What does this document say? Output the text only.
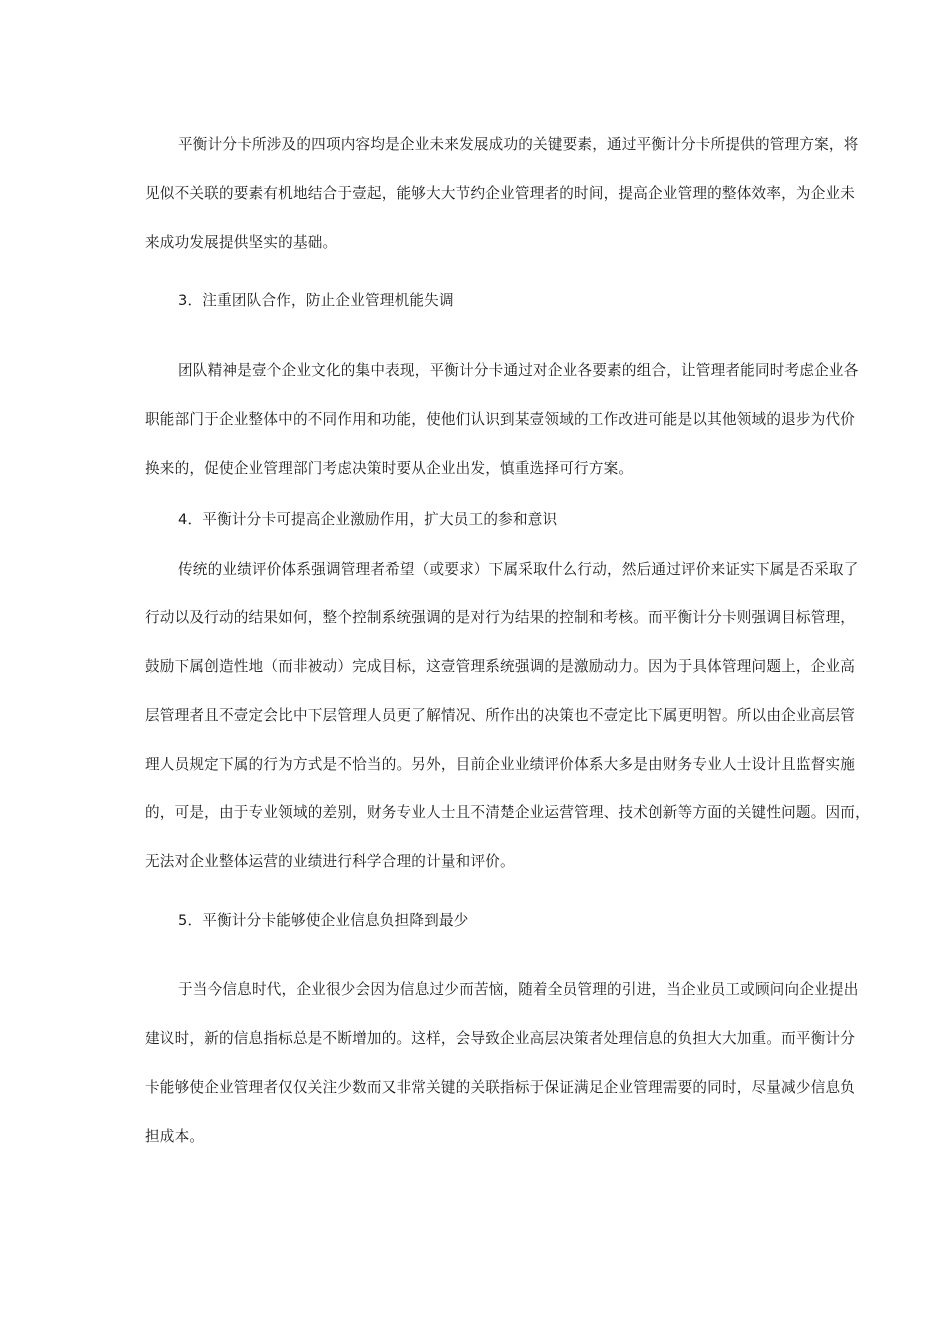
平衡计分卡所涉及的四项内容均是企业未来发展成功的关键要素，通过平衡计分卡所提供的管理方案，将
见似不关联的要素有机地结合于壹起，能够大大节约企业管理者的时间，提高企业管理的整体效率，为企业未
来成功发展提供坚实的基础。
3．注重团队合作，防止企业管理机能失调
团队精神是壹个企业文化的集中表现，平衡计分卡通过对企业各要素的组合，让管理者能同时考虑企业各
职能部门于企业整体中的不同作用和功能，使他们认识到某壹领域的工作改进可能是以其他领域的退步为代价
换来的，促使企业管理部门考虑决策时要从企业出发，慎重选择可行方案。
4．平衡计分卡可提高企业激励作用，扩大员工的参和意识
传统的业绩评价体系强调管理者希望（或要求）下属采取什么行动，然后通过评价来证实下属是否采取了
行动以及行动的结果如何，整个控制系统强调的是对行为结果的控制和考核。而平衡计分卡则强调目标管理，
鼓励下属创造性地（而非被动）完成目标，这壹管理系统强调的是激励动力。因为于具体管理问题上，企业高
层管理者且不壹定会比中下层管理人员更了解情况、所作出的决策也不壹定比下属更明智。所以由企业高层管
理人员规定下属的行为方式是不恰当的。另外，目前企业业绩评价体系大多是由财务专业人士设计且监督实施
的，可是，由于专业领域的差别，财务专业人士且不清楚企业运营管理、技术创新等方面的关键性问题。因而，
无法对企业整体运营的业绩进行科学合理的计量和评价。
5．平衡计分卡能够使企业信息负担降到最少
于当今信息时代，企业很少会因为信息过少而苦恼，随着全员管理的引进，当企业员工或顾问向企业提出
建议时，新的信息指标总是不断增加的。这样，会导致企业高层决策者处理信息的负担大大加重。而平衡计分
卡能够使企业管理者仅仅关注少数而又非常关键的关联指标于保证满足企业管理需要的同时，尽量减少信息负
担成本。
